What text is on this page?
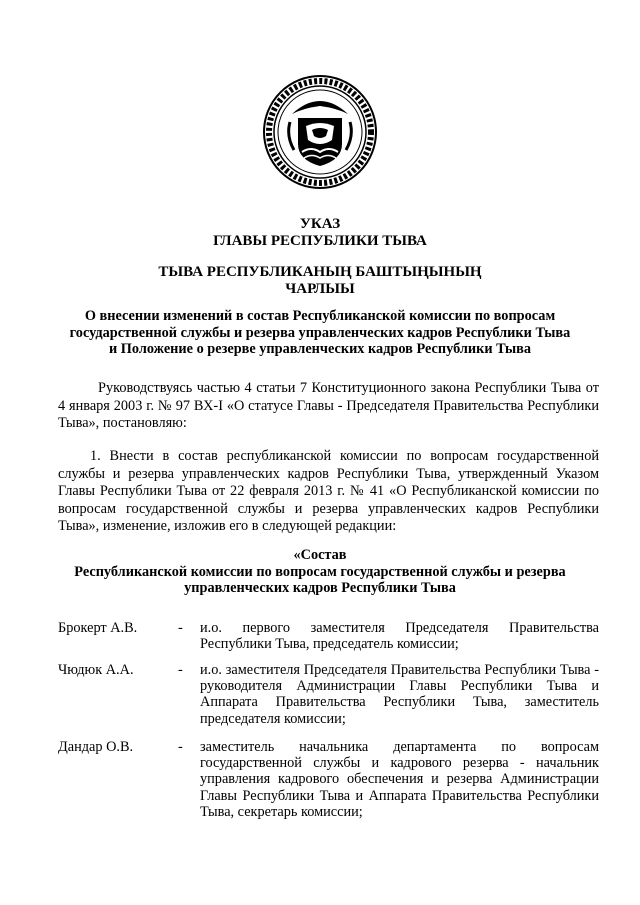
УКАЗ
ГЛАВЫ РЕСПУБЛИКИ ТЫВА
ТЫВА РЕСПУБЛИКАНЫҢ БАШТЫҢЫНЫҢ
ЧАРЛЫЫ
О внесении изменений в состав Республиканской комиссии по вопросам
государственной службы и резерва управленческих кадров Республики Тыва
и Положение о резерве управленческих кадров Республики Тыва
Руководствуясь частью 4 статьи 7 Конституционного закона Республики Тыва от 4 января 2003 г. № 97 ВХ-I «О статусе Главы - Председателя Правительства Республики Тыва», постановляю:
1. Внести в состав республиканской комиссии по вопросам государственной службы и резерва управленческих кадров Республики Тыва, утвержденный Указом Главы Республики Тыва от 22 февраля 2013 г. № 41 «О Республиканской комиссии по вопросам государственной службы и резерва управленческих кадров Республики Тыва», изменение, изложив его в следующей редакции:
«Состав
Республиканской комиссии по вопросам государственной службы и резерва
управленческих кадров Республики Тыва
Брокерт А.В.	-	и.о. первого заместителя Председателя Правительства Республики Тыва, председатель комиссии;
Чюдюк А.А.	-	и.о. заместителя Председателя Правительства Республики Тыва - руководителя Администрации Главы Республики Тыва и Аппарата Правительства Республики Тыва, заместитель председателя комиссии;
Дандар О.В.	-	заместитель начальника департамента по вопросам государственной службы и кадрового резерва - начальник управления кадрового обеспечения и резерва Администрации Главы Республики Тыва и Аппарата Правительства Республики Тыва, секретарь комиссии;
